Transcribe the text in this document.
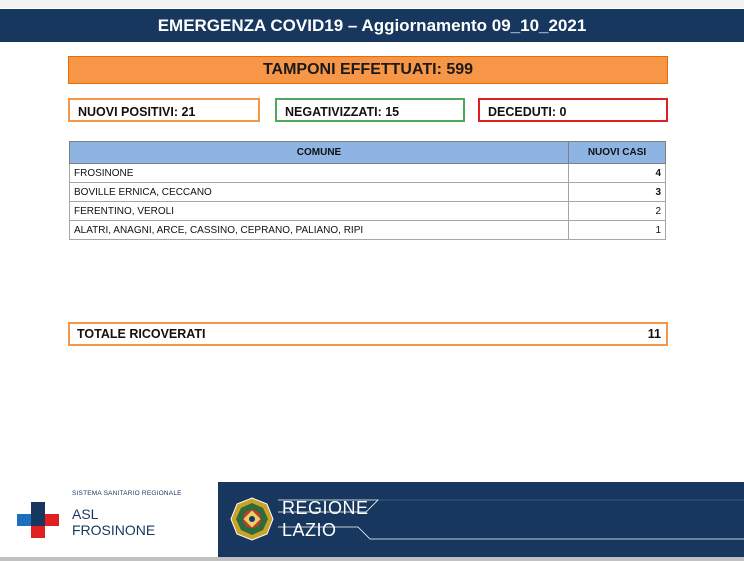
EMERGENZA COVID19 – Aggiornamento 09_10_2021
TAMPONI EFFETTUATI: 599
NUOVI POSITIVI: 21	NEGATIVIZZATI: 15	DECEDUTI: 0
COMUNE	NUOVI CASI
FROSINONE	4
BOVILLE ERNICA, CECCANO	3
FERENTINO, VEROLI	2
ALATRI, ANAGNI, ARCE, CASSINO, CEPRANO, PALIANO, RIPI	1
TOTALE RICOVERATI	11
SISTEMA SANITARIO REGIONALE
ASL
FROSINONE
REGIONE
LAZIO
